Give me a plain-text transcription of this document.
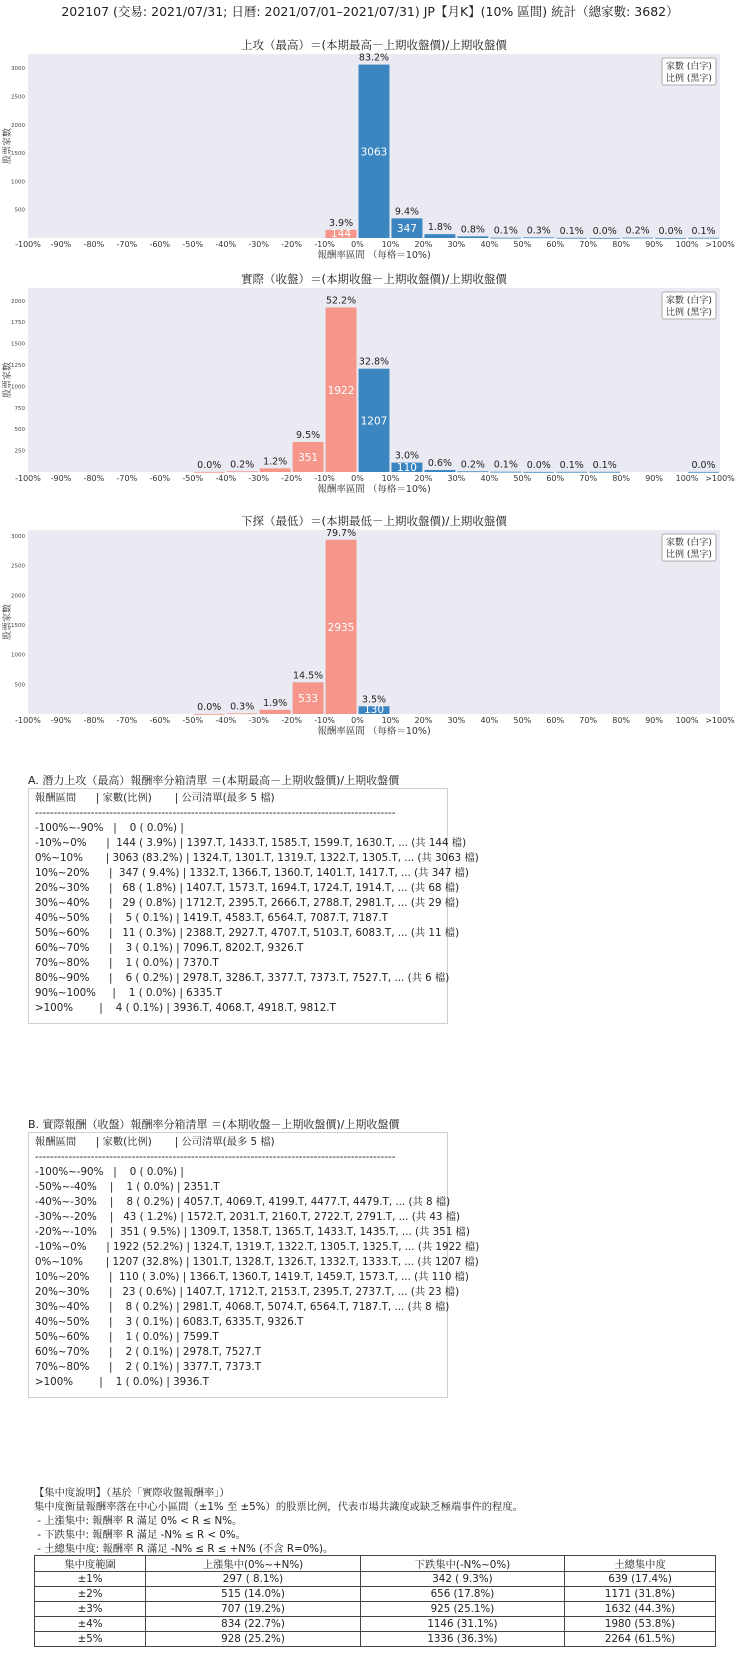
202107 (交易: 2021/07/31; 日曆: 2021/07/01–2021/07/31) JP【月K】(10% 區間) 統計（總家數: 3682）
上攻（最高）＝(本期最高－上期收盤價)/上期收盤價
500
1000
1500
2000
2500
3000
股票家數
144
3.9%
3063
83.2%
347
9.4%
1.8% 0.8% 0.1% 0.3% 0.1% 0.0% 0.2% 0.0% 0.1%
-100% -90% -80% -70% -60% -50% -40% -30% -20% -10% 0% 10% 20% 30% 40% 50% 60% 70% 80% 90% 100% >100%
報酬率區間 （每格＝10%)
家數 (白字)
比例 (黑字)
實際（收盤）＝(本期收盤－上期收盤價)/上期收盤價
250
500
750
1000
1250
1500
1750
2000
股票家數
0.0% 0.2% 1.2% 351
9.5%
1922
52.2%
1207
32.8%
110
3.0%
0.6% 0.2% 0.1% 0.0% 0.1% 0.1%	0.0%
-100% -90% -80% -70% -60% -50% -40% -30% -20% -10% 0% 10% 20% 30% 40% 50% 60% 70% 80% 90% 100% >100%
報酬率區間 （每格＝10%)
家數 (白字)
比例 (黑字)
下探（最低）＝(本期最低－上期收盤價)/上期收盤價
500
1000
1500
2000
2500
3000
股票家數
0.0% 0.3% 1.9% 533
14.5%
2935
79.7%
130
3.5%
-100% -90% -80% -70% -60% -50% -40% -30% -20% -10% 0% 10% 20% 30% 40% 50% 60% 70% 80% 90% 100% >100%
報酬率區間 （每格＝10%)
家數 (白字)
比例 (黑字)
A. 潛力上攻（最高）報酬率分箱清單 ＝(本期最高－上期收盤價)/上期收盤價
報酬區間      | 家數(比例)       | 公司清單(最多 5 檔)
-------------------------------------------------------------------------------------------------
-100%~-90%   |    0 ( 0.0%) |
-10%~0%      |  144 ( 3.9%) | 1397.T, 1433.T, 1585.T, 1599.T, 1630.T, ... (共 144 檔)
0%~10%       | 3063 (83.2%) | 1324.T, 1301.T, 1319.T, 1322.T, 1305.T, ... (共 3063 檔)
10%~20%      |  347 ( 9.4%) | 1332.T, 1366.T, 1360.T, 1401.T, 1417.T, ... (共 347 檔)
20%~30%      |   68 ( 1.8%) | 1407.T, 1573.T, 1694.T, 1724.T, 1914.T, ... (共 68 檔)
30%~40%      |   29 ( 0.8%) | 1712.T, 2395.T, 2666.T, 2788.T, 2981.T, ... (共 29 檔)
40%~50%      |    5 ( 0.1%) | 1419.T, 4583.T, 6564.T, 7087.T, 7187.T
50%~60%      |   11 ( 0.3%) | 2388.T, 2927.T, 4707.T, 5103.T, 6083.T, ... (共 11 檔)
60%~70%      |    3 ( 0.1%) | 7096.T, 8202.T, 9326.T
70%~80%      |    1 ( 0.0%) | 7370.T
80%~90%      |    6 ( 0.2%) | 2978.T, 3286.T, 3377.T, 7373.T, 7527.T, ... (共 6 檔)
90%~100%     |    1 ( 0.0%) | 6335.T
>100%        |    4 ( 0.1%) | 3936.T, 4068.T, 4918.T, 9812.T
B. 實際報酬（收盤）報酬率分箱清單 ＝(本期收盤－上期收盤價)/上期收盤價
報酬區間      | 家數(比例)       | 公司清單(最多 5 檔)
-------------------------------------------------------------------------------------------------
-100%~-90%   |    0 ( 0.0%) |
-50%~-40%    |    1 ( 0.0%) | 2351.T
-40%~-30%    |    8 ( 0.2%) | 4057.T, 4069.T, 4199.T, 4477.T, 4479.T, ... (共 8 檔)
-30%~-20%    |   43 ( 1.2%) | 1572.T, 2031.T, 2160.T, 2722.T, 2791.T, ... (共 43 檔)
-20%~-10%    |  351 ( 9.5%) | 1309.T, 1358.T, 1365.T, 1433.T, 1435.T, ... (共 351 檔)
-10%~0%      | 1922 (52.2%) | 1324.T, 1319.T, 1322.T, 1305.T, 1325.T, ... (共 1922 檔)
0%~10%       | 1207 (32.8%) | 1301.T, 1328.T, 1326.T, 1332.T, 1333.T, ... (共 1207 檔)
10%~20%      |  110 ( 3.0%) | 1366.T, 1360.T, 1419.T, 1459.T, 1573.T, ... (共 110 檔)
20%~30%      |   23 ( 0.6%) | 1407.T, 1712.T, 2153.T, 2395.T, 2737.T, ... (共 23 檔)
30%~40%      |    8 ( 0.2%) | 2981.T, 4068.T, 5074.T, 6564.T, 7187.T, ... (共 8 檔)
40%~50%      |    3 ( 0.1%) | 6083.T, 6335.T, 9326.T
50%~60%      |    1 ( 0.0%) | 7599.T
60%~70%      |    2 ( 0.1%) | 2978.T, 7527.T
70%~80%      |    2 ( 0.1%) | 3377.T, 7373.T
>100%        |    1 ( 0.0%) | 3936.T
【集中度說明】（基於「實際收盤報酬率」）
集中度衡量報酬率落在中心小區間（±1% 至 ±5%）的股票比例，代表市場共識度或缺乏極端事件的程度。
- 上漲集中: 報酬率 R 滿足 0% < R ≤ N%。
- 下跌集中: 報酬率 R 滿足 -N% ≤ R < 0%。
- 土總集中度: 報酬率 R 滿足 -N% ≤ R ≤ +N% (不含 R=0%)。
集中度範圍	上漲集中(0%~+N%)	下跌集中(-N%~0%)	土總集中度
±1%	297 ( 8.1%)	342 ( 9.3%)	639 (17.4%)
±2%	515 (14.0%)	656 (17.8%)	1171 (31.8%)
±3%	707 (19.2%)	925 (25.1%)	1632 (44.3%)
±4%	834 (22.7%)	1146 (31.1%)	1980 (53.8%)
±5%	928 (25.2%)	1336 (36.3%)	2264 (61.5%)
